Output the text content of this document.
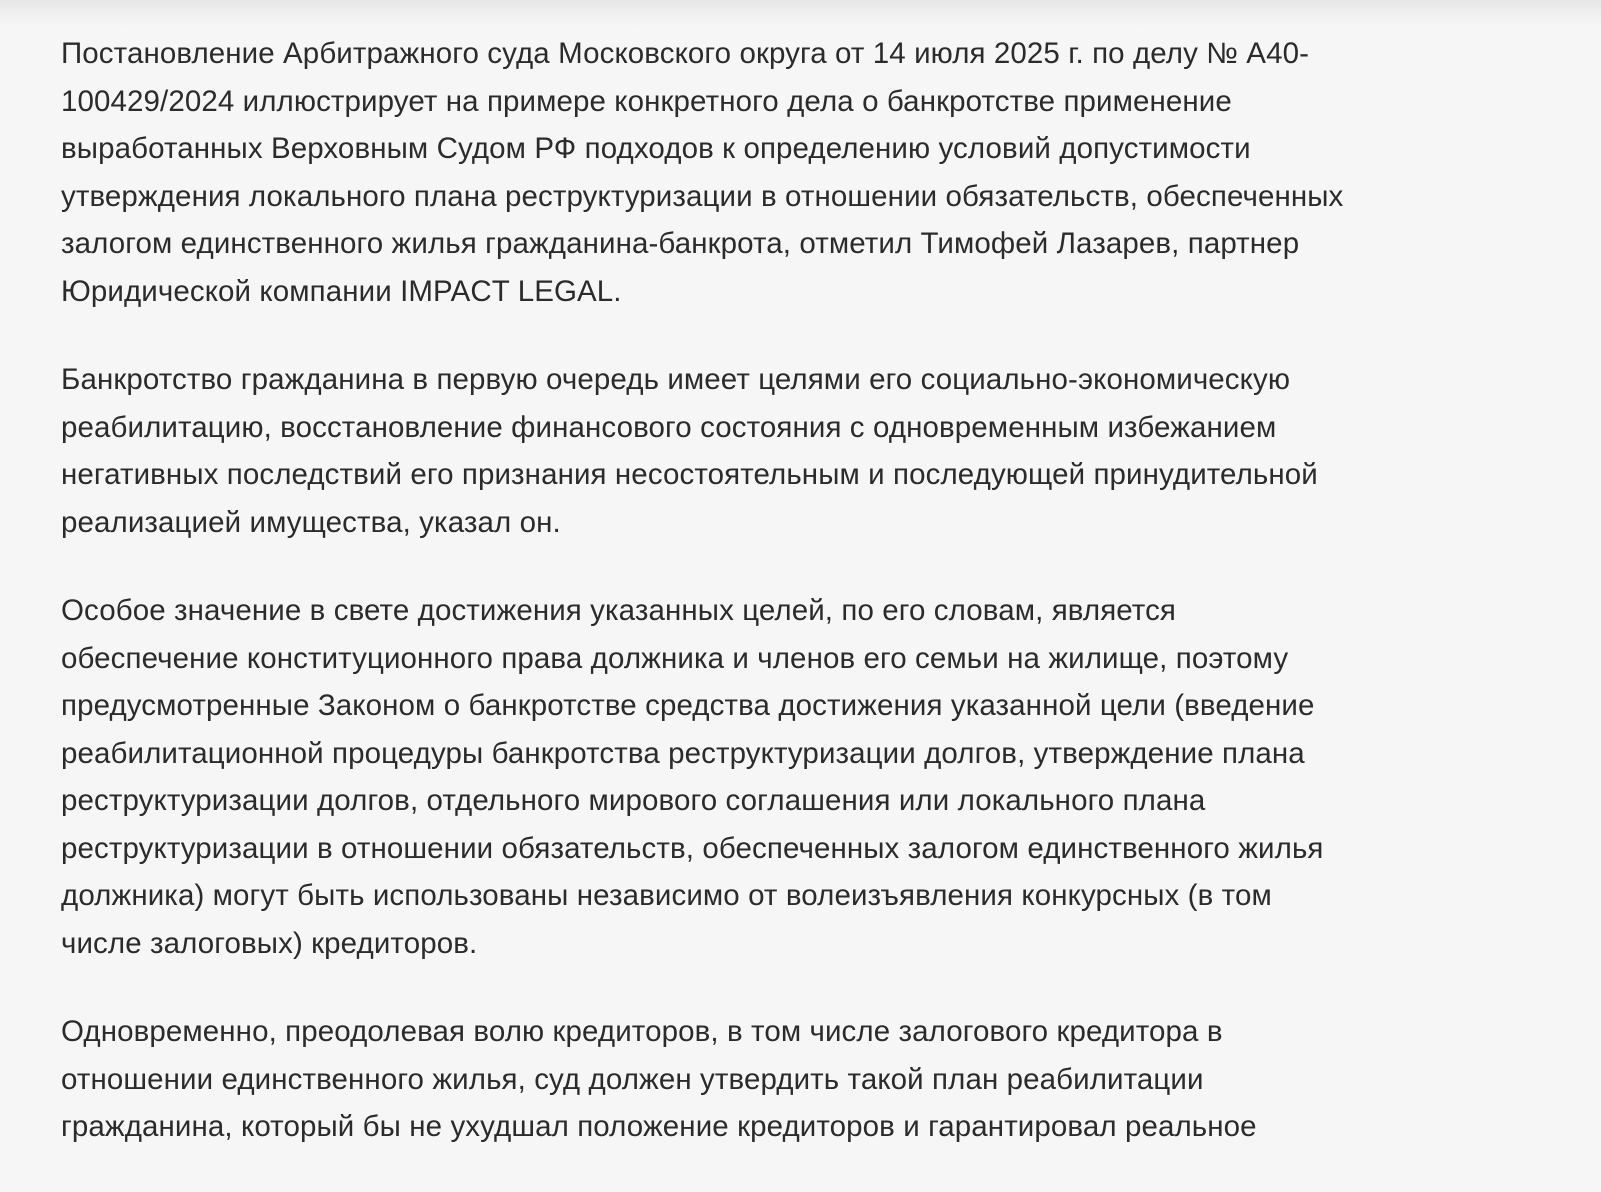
Постановление Арбитражного суда Московского округа от 14 июля 2025 г. по делу № А40-
100429/2024 иллюстрирует на примере конкретного дела о банкротстве применение
выработанных Верховным Судом РФ подходов к определению условий допустимости
утверждения локального плана реструктуризации в отношении обязательств, обеспеченных
залогом единственного жилья гражданина-банкрота, отметил Тимофей Лазарев, партнер
Юридической компании IMPACT LEGAL.

Банкротство гражданина в первую очередь имеет целями его социально-экономическую
реабилитацию, восстановление финансового состояния с одновременным избежанием
негативных последствий его признания несостоятельным и последующей принудительной
реализацией имущества, указал он.

Особое значение в свете достижения указанных целей, по его словам, является
обеспечение конституционного права должника и членов его семьи на жилище, поэтому
предусмотренные Законом о банкротстве средства достижения указанной цели (введение
реабилитационной процедуры банкротства реструктуризации долгов, утверждение плана
реструктуризации долгов, отдельного мирового соглашения или локального плана
реструктуризации в отношении обязательств, обеспеченных залогом единственного жилья
должника) могут быть использованы независимо от волеизъявления конкурсных (в том
числе залоговых) кредиторов.

Одновременно, преодолевая волю кредиторов, в том числе залогового кредитора в
отношении единственного жилья, суд должен утвердить такой план реабилитации
гражданина, который бы не ухудшал положение кредиторов и гарантировал реальное
